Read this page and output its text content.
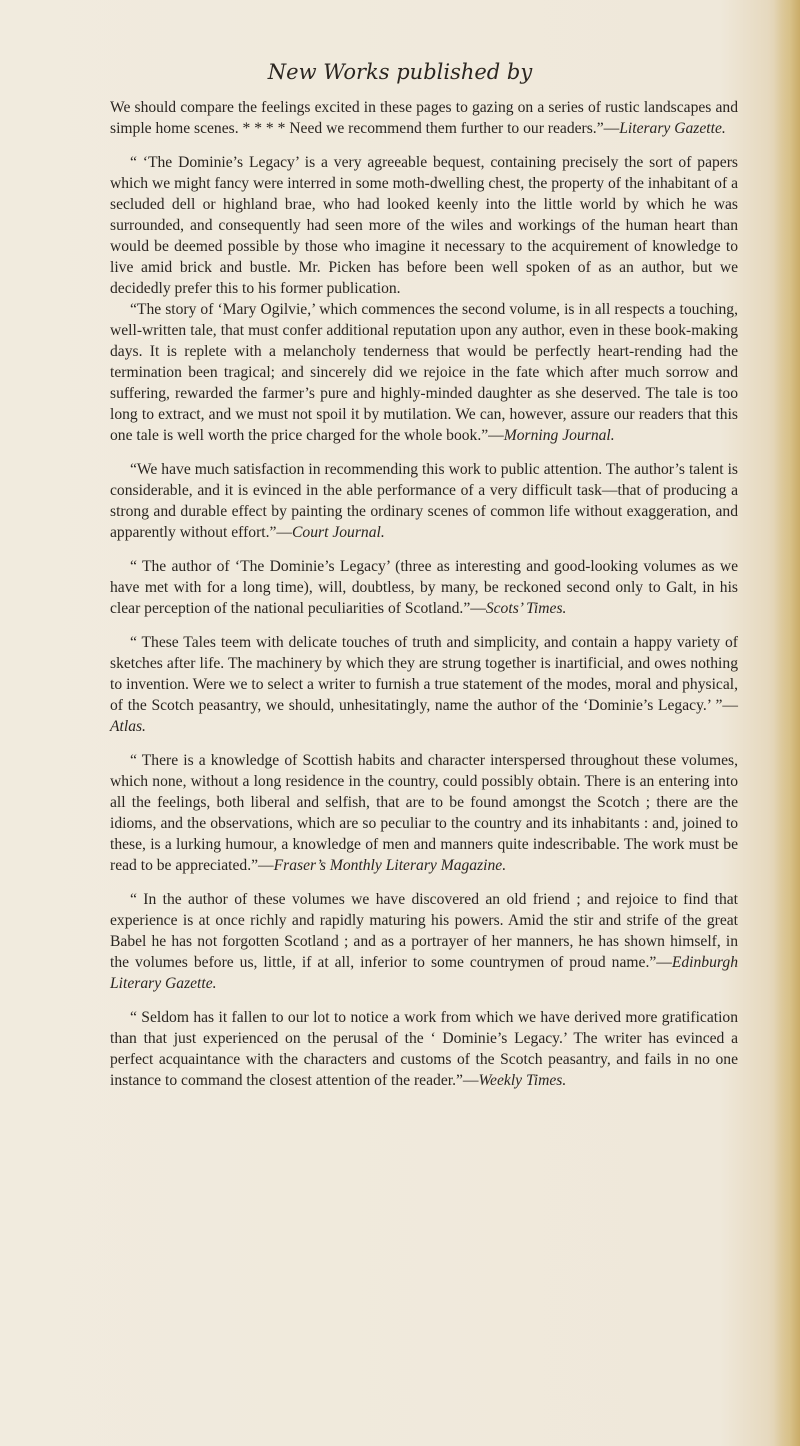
New Works published by

We should compare the feelings excited in these pages to gazing on a series of rustic landscapes and simple home scenes. * * * * Need we recommend them further to our readers.”—Literary Gazette.

“ ‘The Dominie’s Legacy’ is a very agreeable bequest, containing precisely the sort of papers which we might fancy were interred in some moth-dwelling chest, the property of the inhabitant of a secluded dell or highland brae, who had looked keenly into the little world by which he was surrounded, and consequently had seen more of the wiles and workings of the human heart than would be deemed possible by those who imagine it necessary to the acquirement of knowledge to live amid brick and bustle. Mr. Picken has before been well spoken of as an author, but we decidedly prefer this to his former publication.

“The story of ‘Mary Ogilvie,’ which commences the second volume, is in all respects a touching, well-written tale, that must confer additional reputation upon any author, even in these book-making days. It is replete with a melancholy tenderness that would be perfectly heart-rending had the termination been tragical; and sincerely did we rejoice in the fate which after much sorrow and suffering, rewarded the farmer’s pure and highly-minded daughter as she deserved. The tale is too long to extract, and we must not spoil it by mutilation. We can, however, assure our readers that this one tale is well worth the price charged for the whole book.”—Morning Journal.

“We have much satisfaction in recommending this work to public attention. The author’s talent is considerable, and it is evinced in the able performance of a very difficult task—that of producing a strong and durable effect by painting the ordinary scenes of common life without exaggeration, and apparently without effort.”—Court Journal.

“ The author of ‘The Dominie’s Legacy’ (three as interesting and good-looking volumes as we have met with for a long time), will, doubtless, by many, be reckoned second only to Galt, in his clear perception of the national peculiarities of Scotland.”—Scots’ Times.

“ These Tales teem with delicate touches of truth and simplicity, and contain a happy variety of sketches after life. The machinery by which they are strung together is inartificial, and owes nothing to invention. Were we to select a writer to furnish a true statement of the modes, moral and physical, of the Scotch peasantry, we should, unhesitatingly, name the author of the ‘Dominie’s Legacy.’ ”—Atlas.

“ There is a knowledge of Scottish habits and character interspersed throughout these volumes, which none, without a long residence in the country, could possibly obtain. There is an entering into all the feelings, both liberal and selfish, that are to be found amongst the Scotch ; there are the idioms, and the observations, which are so peculiar to the country and its inhabitants : and, joined to these, is a lurking humour, a knowledge of men and manners quite indescribable. The work must be read to be appreciated.”—Fraser’s Monthly Literary Magazine.

“ In the author of these volumes we have discovered an old friend ; and rejoice to find that experience is at once richly and rapidly maturing his powers. Amid the stir and strife of the great Babel he has not forgotten Scotland ; and as a portrayer of her manners, he has shown himself, in the volumes before us, little, if at all, inferior to some countrymen of proud name.”—Edinburgh Literary Gazette.

“ Seldom has it fallen to our lot to notice a work from which we have derived more gratification than that just experienced on the perusal of the ‘ Dominie’s Legacy.’ The writer has evinced a perfect acquaintance with the characters and customs of the Scotch peasantry, and fails in no one instance to command the closest attention of the reader.”—Weekly Times.
